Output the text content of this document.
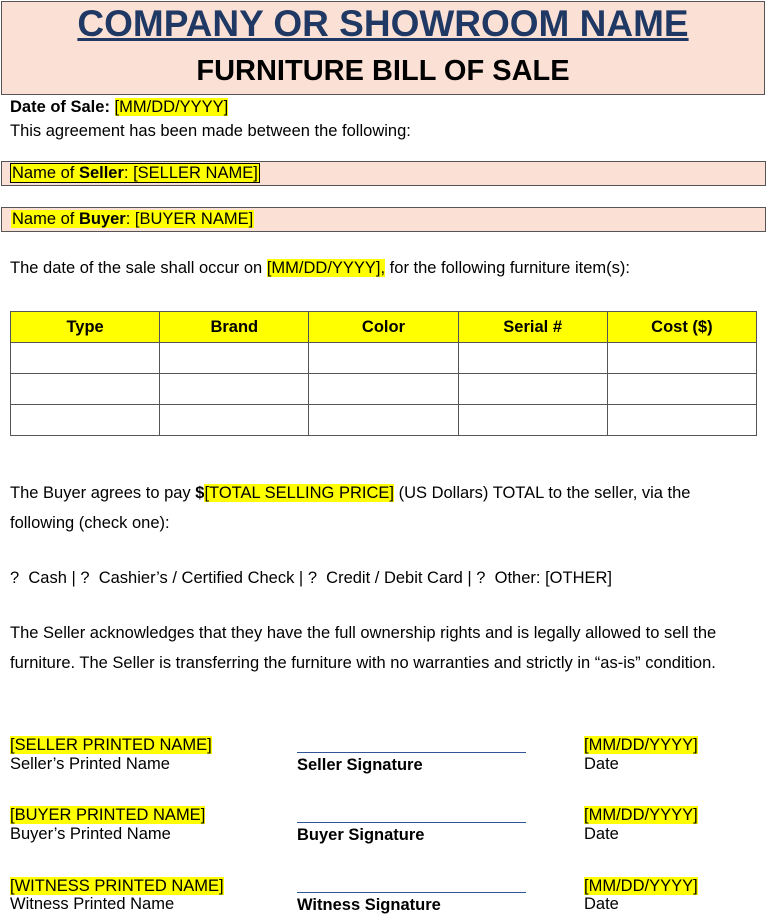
COMPANY OR SHOWROOM NAME
FURNITURE BILL OF SALE
Date of Sale: [MM/DD/YYYY]
This agreement has been made between the following:
Name of Seller: [SELLER NAME]
Name of Buyer: [BUYER NAME]
The date of the sale shall occur on [MM/DD/YYYY], for the following furniture item(s):
Type	Brand	Color	Serial #	Cost ($)

The Buyer agrees to pay $[TOTAL SELLING PRICE] (US Dollars) TOTAL to the seller, via the following (check one):
? Cash | ? Cashier’s / Certified Check | ? Credit / Debit Card | ? Other: [OTHER]
The Seller acknowledges that they have the full ownership rights and is legally allowed to sell the furniture. The Seller is transferring the furniture with no warranties and strictly in “as-is” condition.
[SELLER PRINTED NAME]
Seller’s Printed Name	Seller Signature
[MM/DD/YYYY]
Date
[BUYER PRINTED NAME]
Buyer’s Printed Name	Buyer Signature
[MM/DD/YYYY]
Date
[WITNESS PRINTED NAME]
Witness Printed Name	Witness Signature
[MM/DD/YYYY]
Date
